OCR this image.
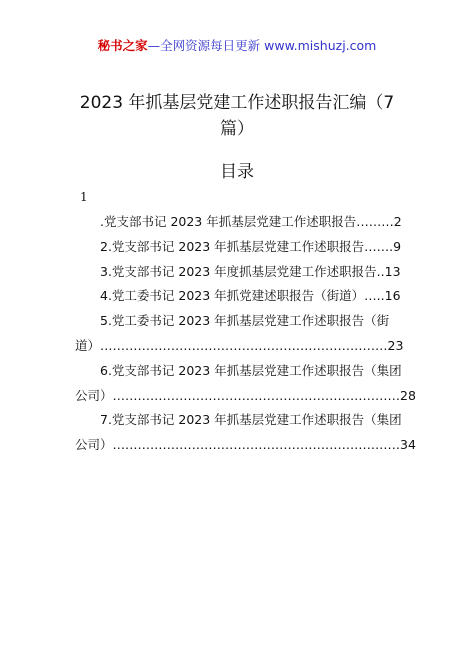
秘书之家—全网资源每日更新 www.mishuzj.com
2023 年抓基层党建工作述职报告汇编（7 篇）
目录
1
.党支部书记 2023 年抓基层党建工作述职报告………2
2.党支部书记 2023 年抓基层党建工作述职报告…….9
3.党支部书记 2023 年度抓基层党建工作述职报告..13
4.党工委书记 2023 年抓党建述职报告（街道）…..16
5.党工委书记 2023 年抓基层党建工作述职报告（街
道）……………………………………………………………23
6.党支部书记 2023 年抓基层党建工作述职报告（集团
公司）……………………………………………………………28
7.党支部书记 2023 年抓基层党建工作述职报告（集团
公司）……………………………………………………………34
